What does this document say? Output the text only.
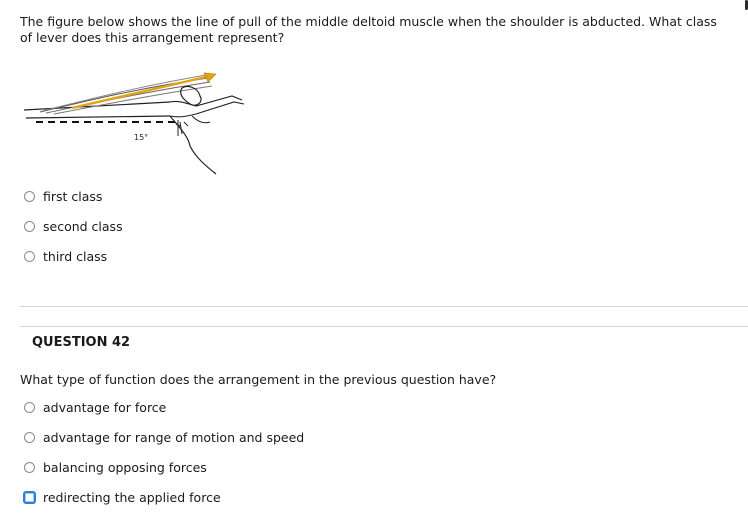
The figure below shows the line of pull of the middle deltoid muscle when the shoulder is abducted. What class of lever does this arrangement represent?
15°
first class
second class
third class
QUESTION 42
What type of function does the arrangement in the previous question have?
advantage for force
advantage for range of motion and speed
balancing opposing forces
redirecting the applied force
